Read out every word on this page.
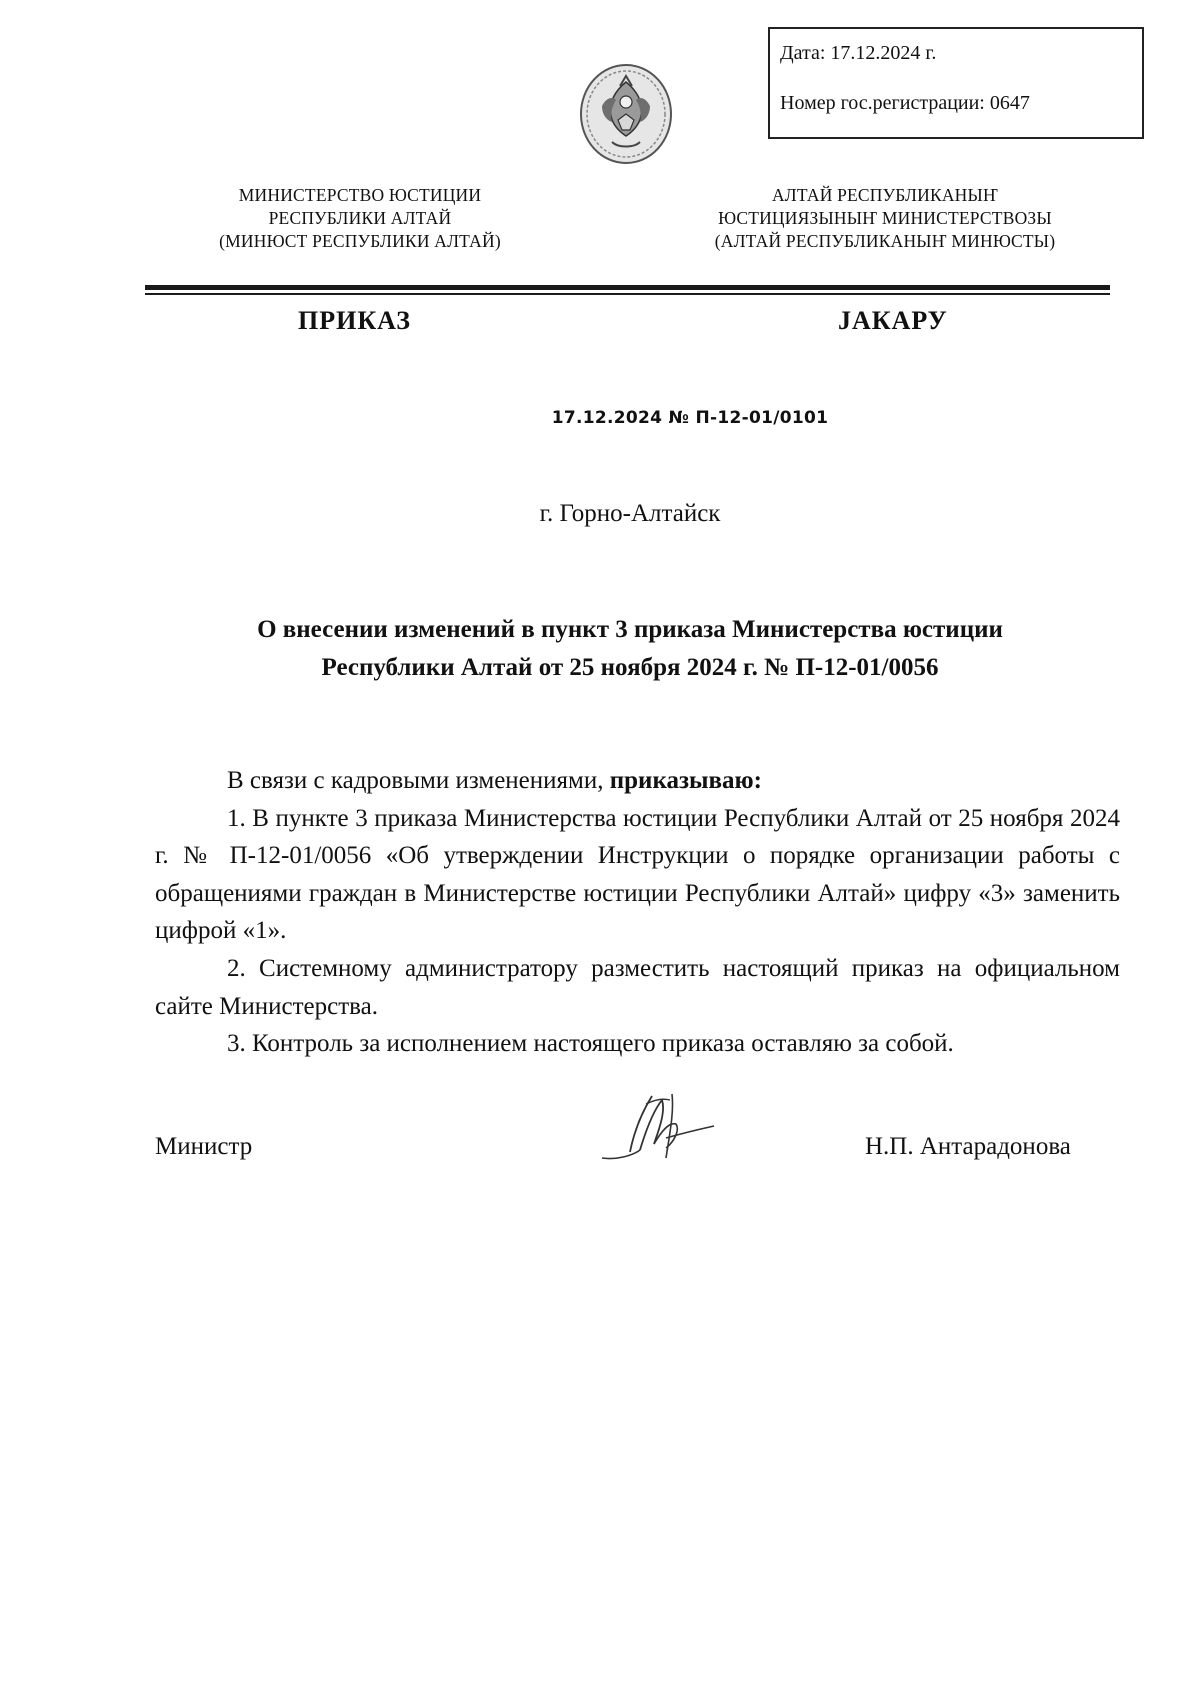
Дата: 17.12.2024 г.
Номер гос.регистрации: 0647
МИНИСТЕРСТВО ЮСТИЦИИ
РЕСПУБЛИКИ АЛТАЙ
(МИНЮСТ РЕСПУБЛИКИ АЛТАЙ)
АЛТАЙ РЕСПУБЛИКАНЫҤ
ЮСТИЦИЯЗЫНЫҤ МИНИСТЕРСТВОЗЫ
(АЛТАЙ РЕСПУБЛИКАНЫҤ МИНЮСТЫ)
ПРИКАЗ	ЈАКАРУ
17.12.2024 № П-12-01/0101
г. Горно-Алтайск
О внесении изменений в пункт 3 приказа Министерства юстиции
Республики Алтай от 25 ноября 2024 г. № П-12-01/0056

В связи с кадровыми изменениями, приказываю:

1. В пункте 3 приказа Министерства юстиции Республики Алтай от 25 ноября 2024 г. № П-12-01/0056 «Об утверждении Инструкции о порядке организации работы с обращениями граждан в Министерстве юстиции Республики Алтай» цифру «3» заменить цифрой «1».

2. Системному администратору разместить настоящий приказ на официальном сайте Министерства.

3. Контроль за исполнением настоящего приказа оставляю за собой.

Министр	Н.П. Антарадонова
